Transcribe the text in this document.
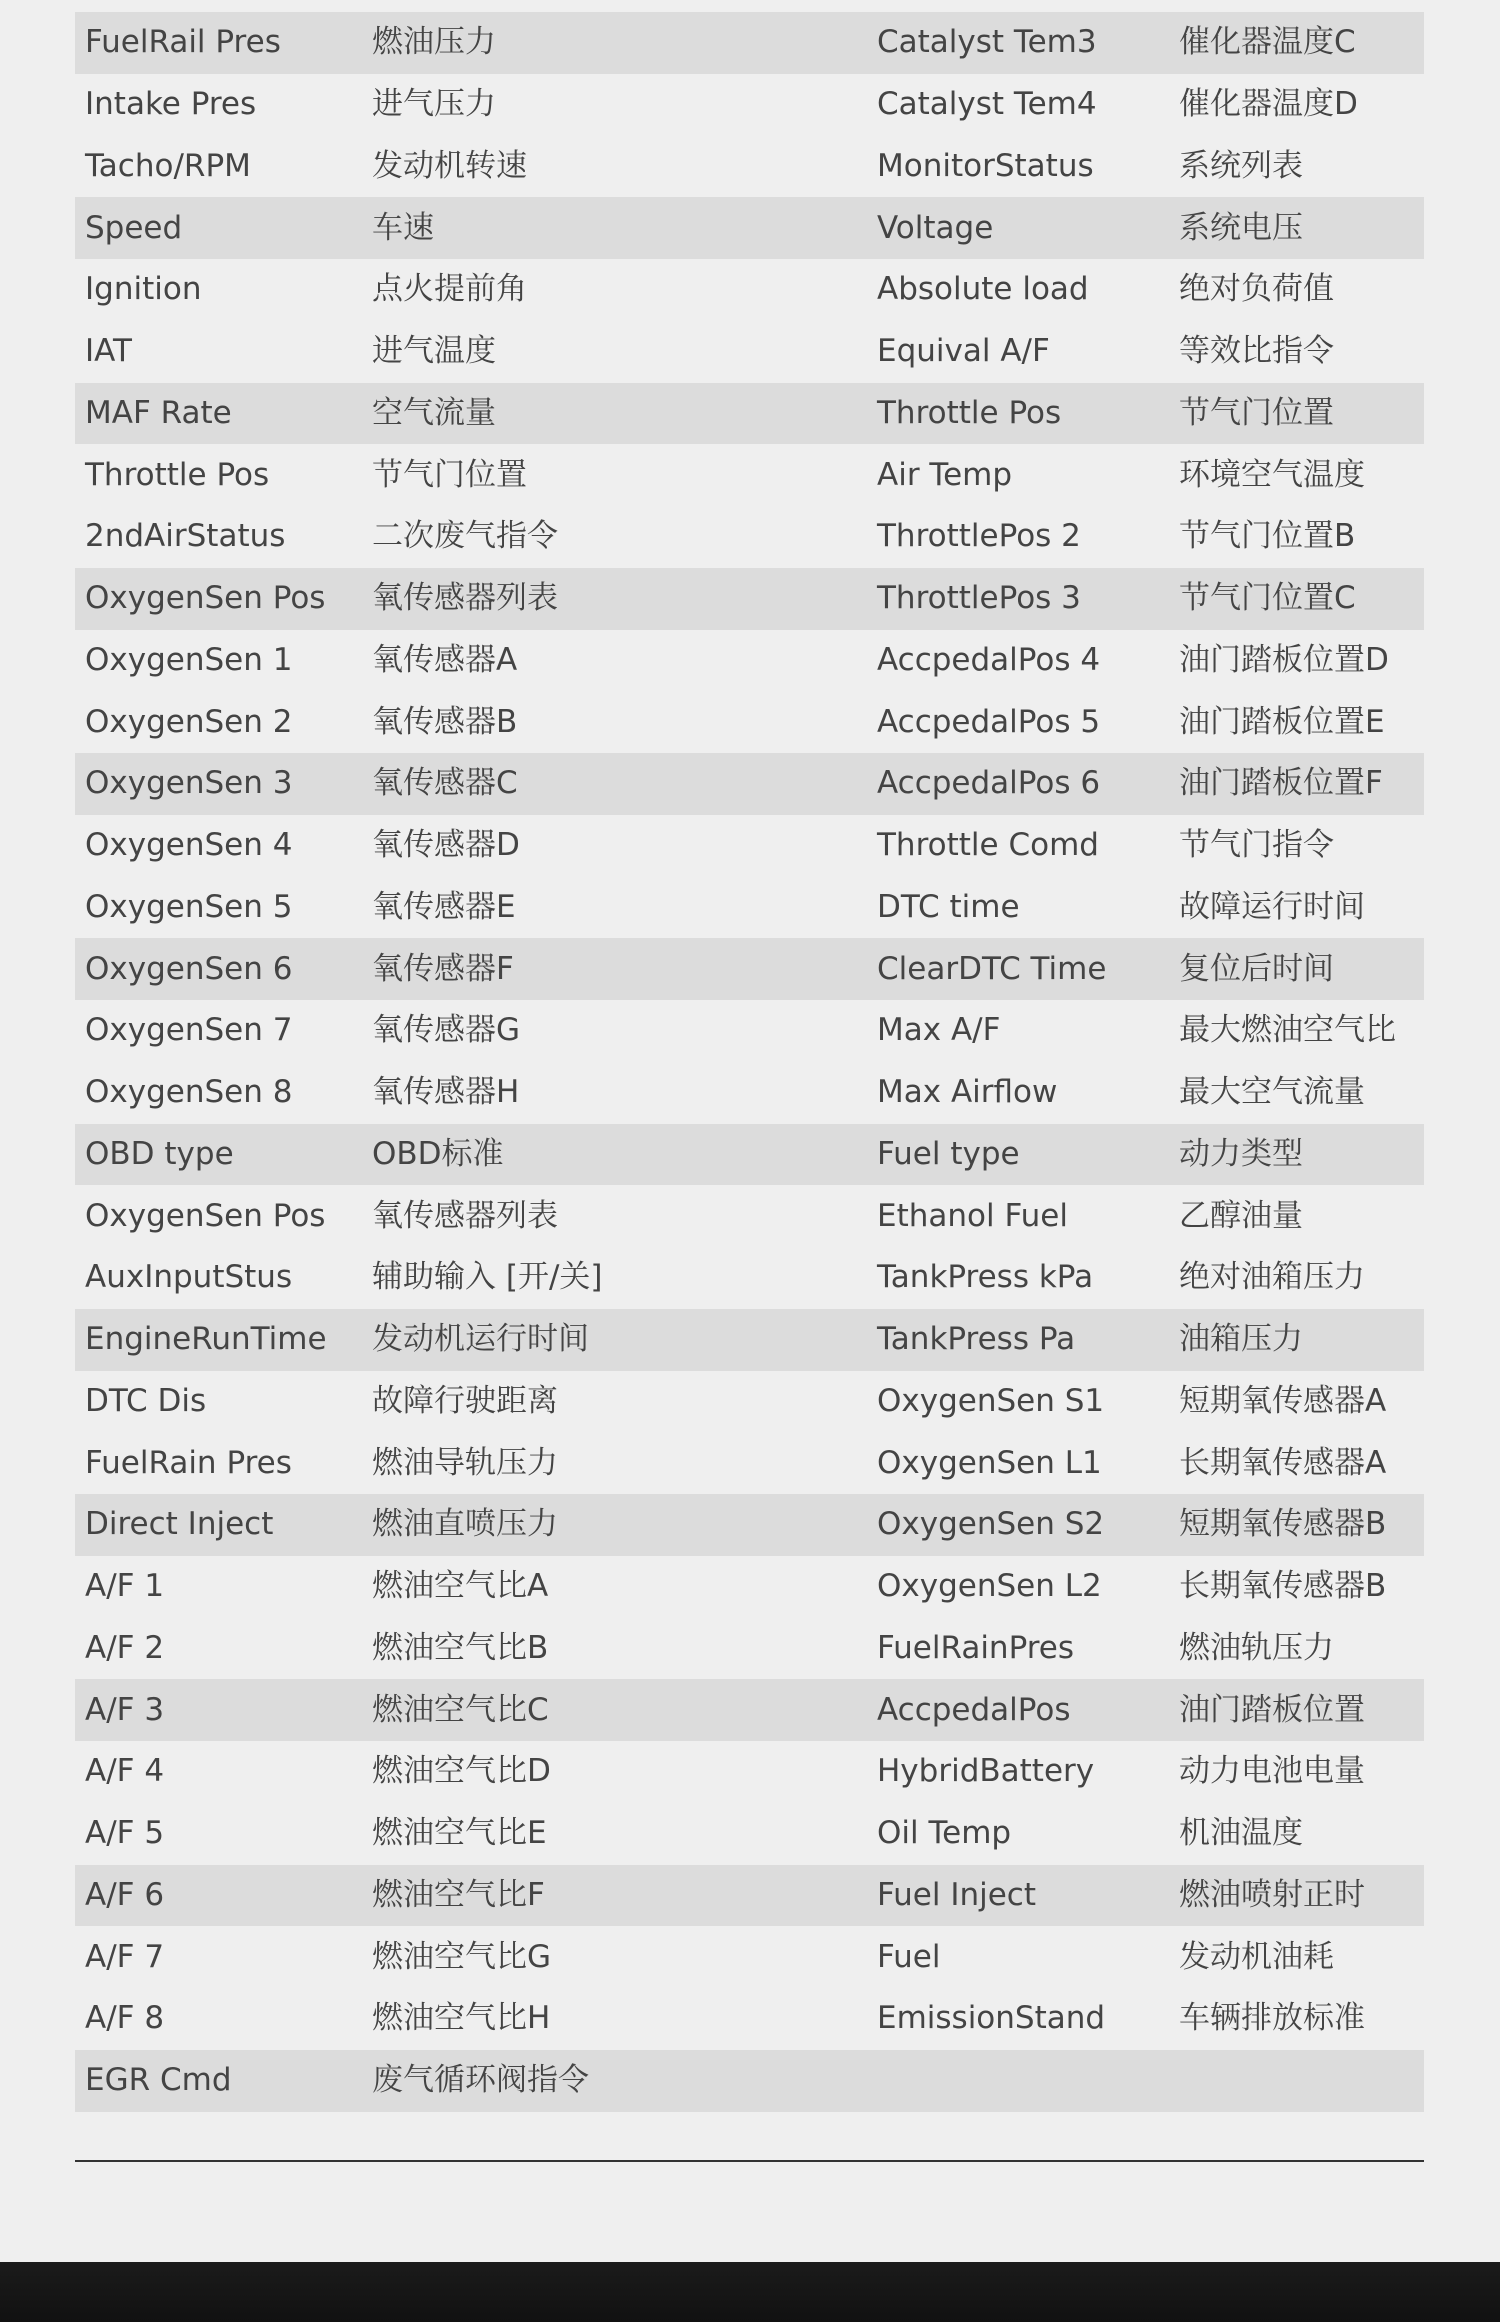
FuelRail Pres	燃油压力	Catalyst Tem3	催化器温度C
Intake Pres	进气压力	Catalyst Tem4	催化器温度D
Tacho/RPM	发动机转速	MonitorStatus	系统列表
Speed	车速	Voltage	系统电压
Ignition	点火提前角	Absolute load	绝对负荷值
IAT	进气温度	Equival A/F	等效比指令
MAF Rate	空气流量	Throttle Pos	节气门位置
Throttle Pos	节气门位置	Air Temp	环境空气温度
2ndAirStatus	二次废气指令	ThrottlePos 2	节气门位置B
OxygenSen Pos	氧传感器列表	ThrottlePos 3	节气门位置C
OxygenSen 1	氧传感器A	AccpedalPos 4	油门踏板位置D
OxygenSen 2	氧传感器B	AccpedalPos 5	油门踏板位置E
OxygenSen 3	氧传感器C	AccpedalPos 6	油门踏板位置F
OxygenSen 4	氧传感器D	Throttle Comd	节气门指令
OxygenSen 5	氧传感器E	DTC time	故障运行时间
OxygenSen 6	氧传感器F	ClearDTC Time	复位后时间
OxygenSen 7	氧传感器G	Max A/F	最大燃油空气比
OxygenSen 8	氧传感器H	Max Airflow	最大空气流量
OBD type	OBD标准	Fuel type	动力类型
OxygenSen Pos	氧传感器列表	Ethanol Fuel	乙醇油量
AuxInputStus	辅助输入 [开/关]	TankPress kPa	绝对油箱压力
EngineRunTime	发动机运行时间	TankPress Pa	油箱压力
DTC Dis	故障行驶距离	OxygenSen S1	短期氧传感器A
FuelRain Pres	燃油导轨压力	OxygenSen L1	长期氧传感器A
Direct Inject	燃油直喷压力	OxygenSen S2	短期氧传感器B
A/F 1	燃油空气比A	OxygenSen L2	长期氧传感器B
A/F 2	燃油空气比B	FuelRainPres	燃油轨压力
A/F 3	燃油空气比C	AccpedalPos	油门踏板位置
A/F 4	燃油空气比D	HybridBattery	动力电池电量
A/F 5	燃油空气比E	Oil Temp	机油温度
A/F 6	燃油空气比F	Fuel Inject	燃油喷射正时
A/F 7	燃油空气比G	Fuel	发动机油耗
A/F 8	燃油空气比H	EmissionStand	车辆排放标准
EGR Cmd	废气循环阀指令
